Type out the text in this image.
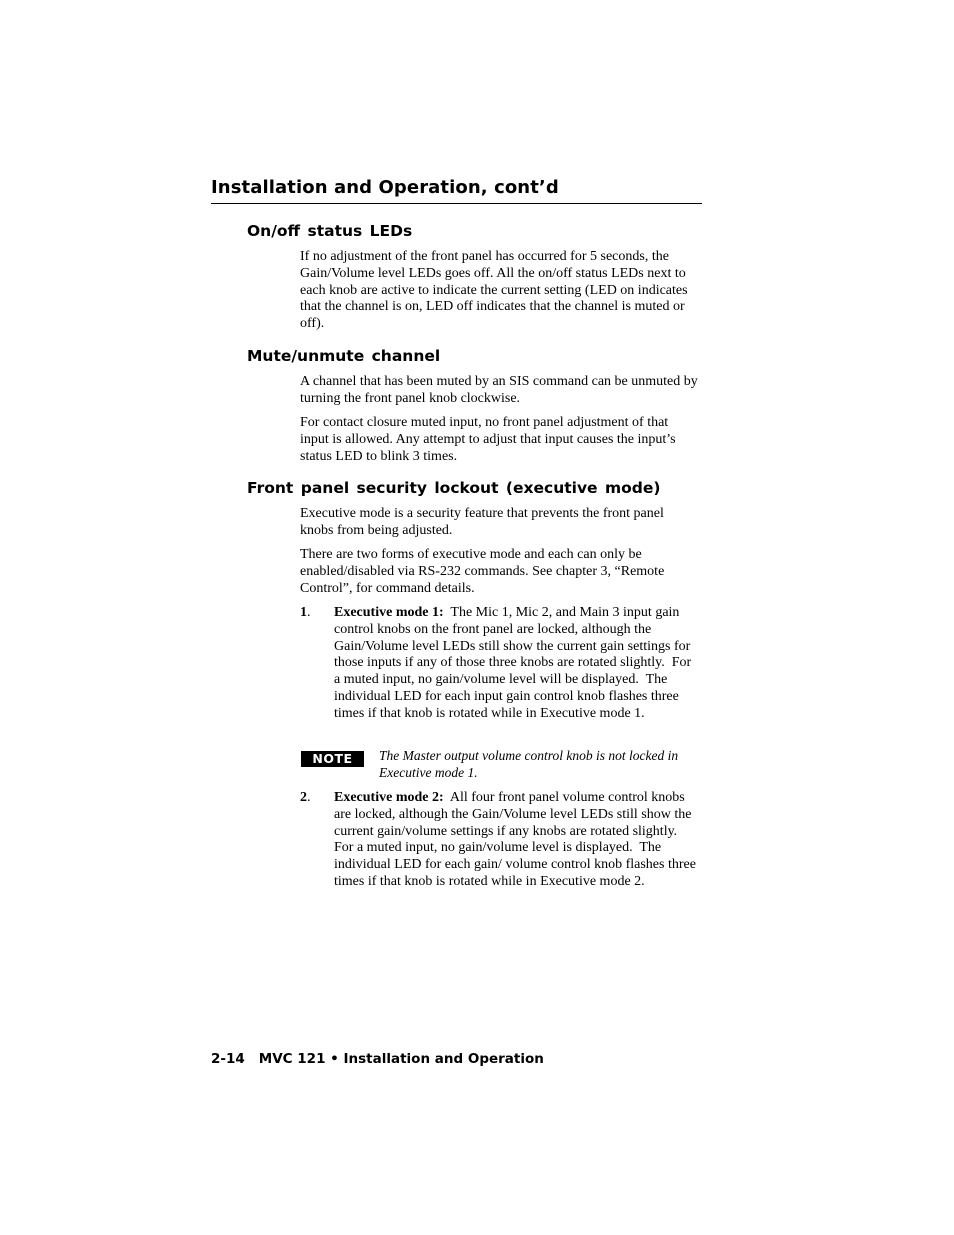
Installation and Operation, cont’d
On/off status LEDs

If no adjustment of the front panel has occurred for 5 seconds, the Gain/Volume level LEDs goes off. All the on/off status LEDs next to each knob are active to indicate the current setting (LED on indicates that the channel is on, LED off indicates that the channel is muted or off).

Mute/unmute channel

A channel that has been muted by an SIS command can be unmuted by turning the front panel knob clockwise.

For contact closure muted input, no front panel adjustment of that input is allowed. Any attempt to adjust that input causes the input’s status LED to blink 3 times.

Front panel security lockout (executive mode)

Executive mode is a security feature that prevents the front panel knobs from being adjusted.

There are two forms of executive mode and each can only be enabled/disabled via RS-232 commands. See chapter 3, “Remote Control”, for command details.

1. Executive mode 1:  The Mic 1, Mic 2, and Main 3 input gain control knobs on the front panel are locked, although the Gain/Volume level LEDs still show the current gain settings for those inputs if any of those three knobs are rotated slightly.  For a muted input, no gain/volume level will be displayed.  The individual LED for each input gain control knob flashes three times if that knob is rotated while in Executive mode 1.
NOTE	The Master output volume control knob is not locked in Executive mode 1.
2. Executive mode 2:  All four front panel volume control knobs are locked, although the Gain/Volume level LEDs still show the current gain/volume settings if any knobs are rotated slightly.  For a muted input, no gain/volume level is displayed.  The individual LED for each gain/ volume control knob flashes three times if that knob is rotated while in Executive mode 2.
2-14 MVC 121 • Installation and Operation
